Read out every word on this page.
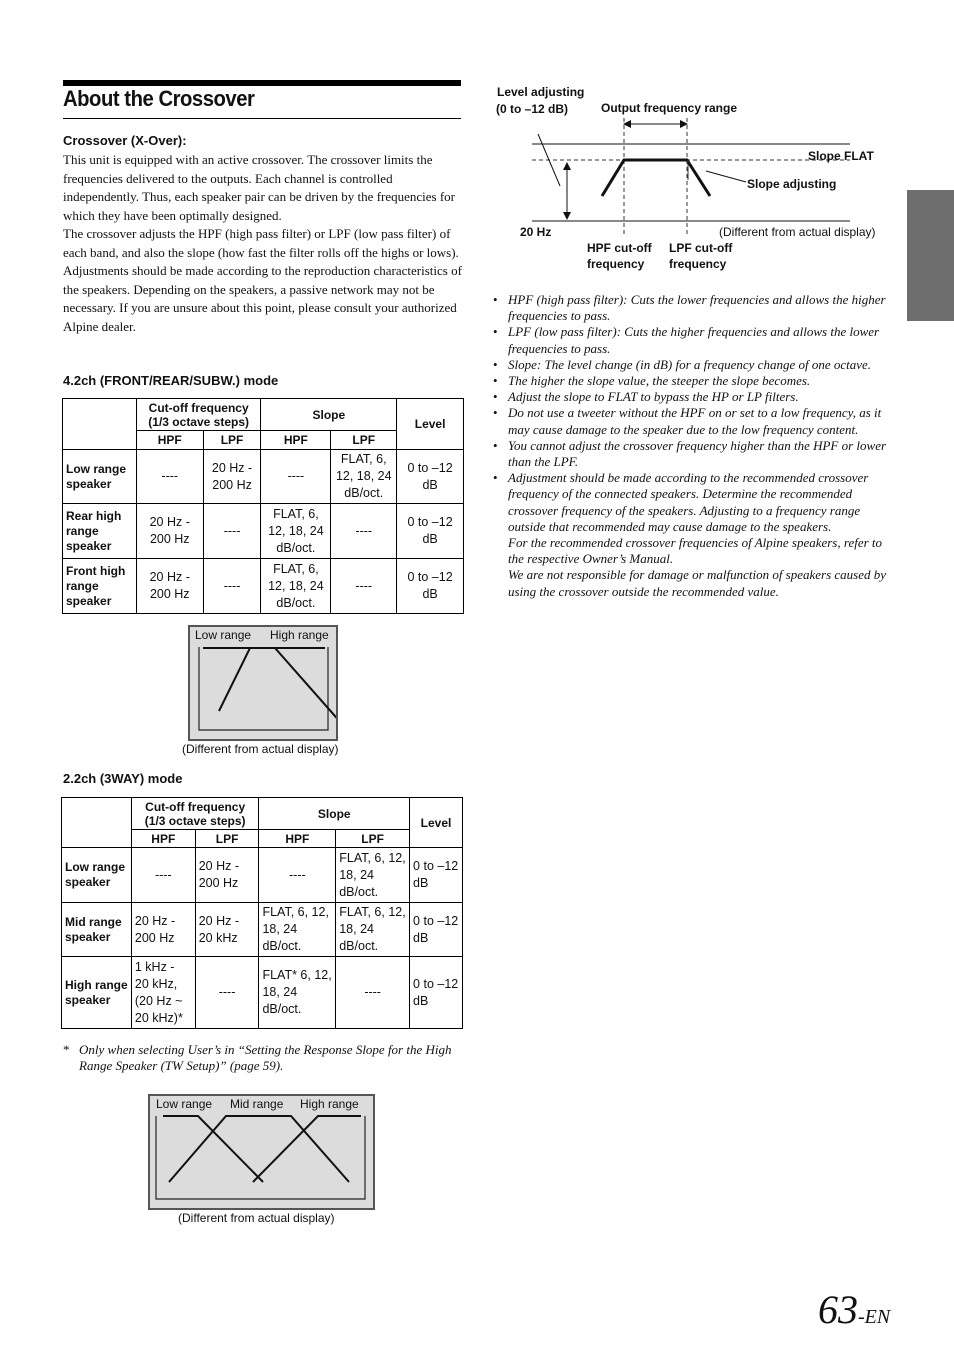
About the Crossover
Crossover (X-Over):

This unit is equipped with an active crossover. The crossover limits the frequencies delivered to the outputs. Each channel is controlled independently. Thus, each speaker pair can be driven by the frequencies for which they have been optimally designed.

The crossover adjusts the HPF (high pass filter) or LPF (low pass filter) of each band, and also the slope (how fast the filter rolls off the highs or lows).

Adjustments should be made according to the reproduction characteristics of the speakers. Depending on the speakers, a passive network may not be necessary. If you are unsure about this point, please consult your authorized Alpine dealer.

4.2ch (FRONT/REAR/SUBW.) mode
	Cut-off frequency (1/3 octave steps)		Slope		Level
	HPF	LPF	HPF	LPF	
Low range speaker	----	20 Hz - 200 Hz	----	FLAT, 6, 12, 18, 24 dB/oct.	0 to –12 dB
Rear high range speaker	20 Hz - 200 Hz	----	FLAT, 6, 12, 18, 24 dB/oct.	----	0 to –12 dB
Front high range speaker	20 Hz - 200 Hz	----	FLAT, 6, 12, 18, 24 dB/oct.	----	0 to –12 dB
Low range High range
(Different from actual display)
2.2ch (3WAY) mode
	Cut-off frequency (1/3 octave steps)		Slope		Level
	HPF	LPF	HPF	LPF	
Low range speaker	----	20 Hz - 200 Hz	----	FLAT, 6, 12, 18, 24 dB/oct.	0 to –12 dB
Mid range speaker	20 Hz - 200 Hz	20 Hz - 20 kHz	FLAT, 6, 12, 18, 24 dB/oct.	FLAT, 6, 12, 18, 24 dB/oct.	0 to –12 dB
High range speaker	1 kHz - 20 kHz, (20 Hz ~ 20 kHz)*	----	FLAT* 6, 12, 18, 24 dB/oct.	----	0 to –12 dB
* Only when selecting User’s in “Setting the Response Slope for the High Range Speaker (TW Setup)” (page 59).
Low range Mid range High range
(Different from actual display)
Level adjusting
(0 to –12 dB)	Output frequency range
Slope FLAT
Slope adjusting
20 Hz	(Different from actual display)
HPF cut-off
frequency
LPF cut-off
frequency
• HPF (high pass filter): Cuts the lower frequencies and allows the higher frequencies to pass.
• LPF (low pass filter): Cuts the higher frequencies and allows the lower frequencies to pass.
• Slope: The level change (in dB) for a frequency change of one octave.
• The higher the slope value, the steeper the slope becomes.
• Adjust the slope to FLAT to bypass the HP or LP filters.
• Do not use a tweeter without the HPF on or set to a low frequency, as it may cause damage to the speaker due to the low frequency content.
• You cannot adjust the crossover frequency higher than the HPF or lower than the LPF.
• Adjustment should be made according to the recommended crossover frequency of the connected speakers. Determine the recommended crossover frequency of the speakers. Adjusting to a frequency range outside that recommended may cause damage to the speakers.

For the recommended crossover frequencies of Alpine speakers, refer to the respective Owner’s Manual.

We are not responsible for damage or malfunction of speakers caused by using the crossover outside the recommended value.

63-EN
